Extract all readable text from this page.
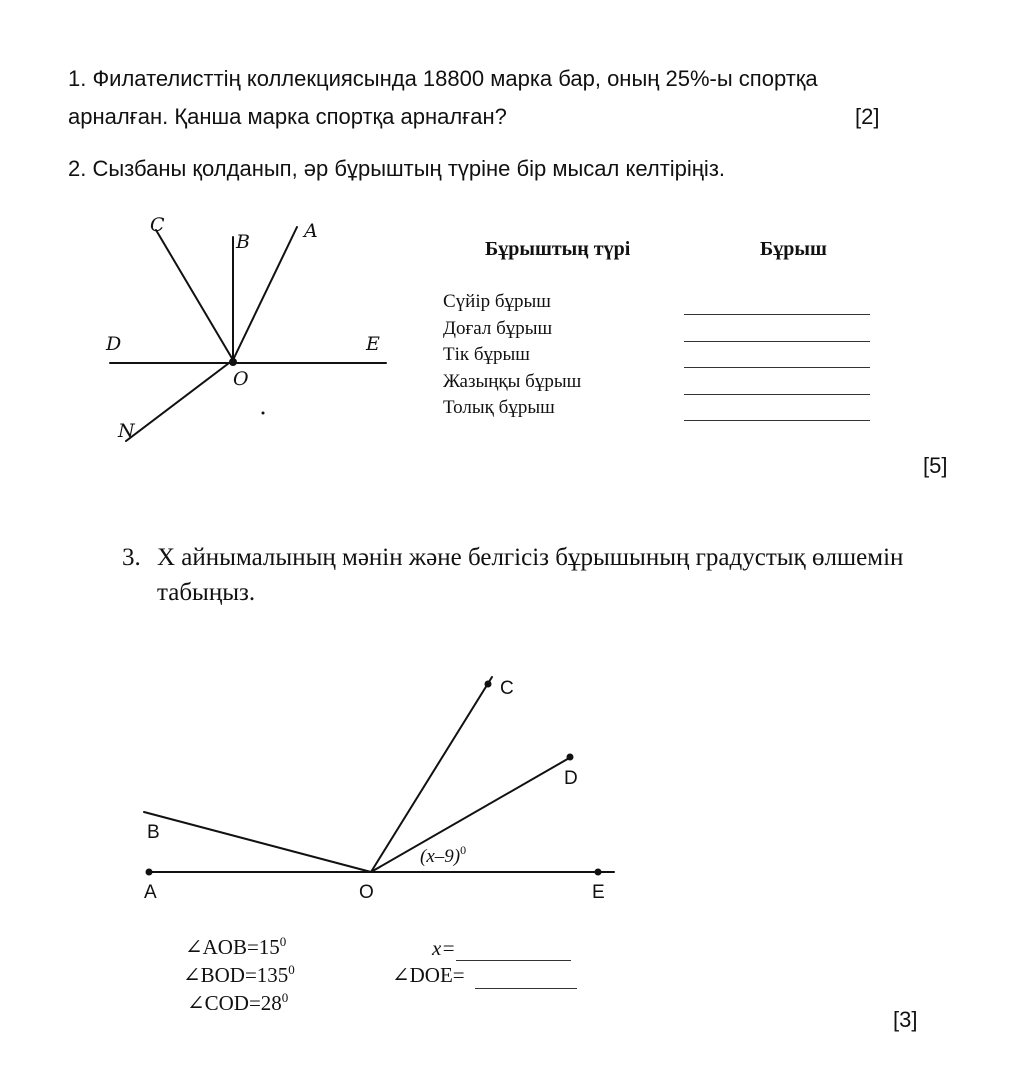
1. Филателисттің коллекциясында 18800 марка бар, оның 25%-ы спортқа
арналған. Қанша марка спортқа арналған?	[2]
2. Сызбаны қолданып, әр бұрыштың түріне бір мысал келтіріңіз.
C
B	A
D	E
O
N
Бұрыштың түрі	Бұрыш
Сүйір бұрыш
Доғал бұрыш
Тік бұрыш
Жазыңқы бұрыш
Толық бұрыш
[5]
3. Х айнымалының мәнін және белгісіз бұрышының градустық өлшемін
табыңыз.
C
D
B
A	O	E
$(x-9)^0$
$\angle AOB=15^0$
$\angle BOD=135^0$
$\angle COD=28^0$
x=
∠DOE=
[3]
